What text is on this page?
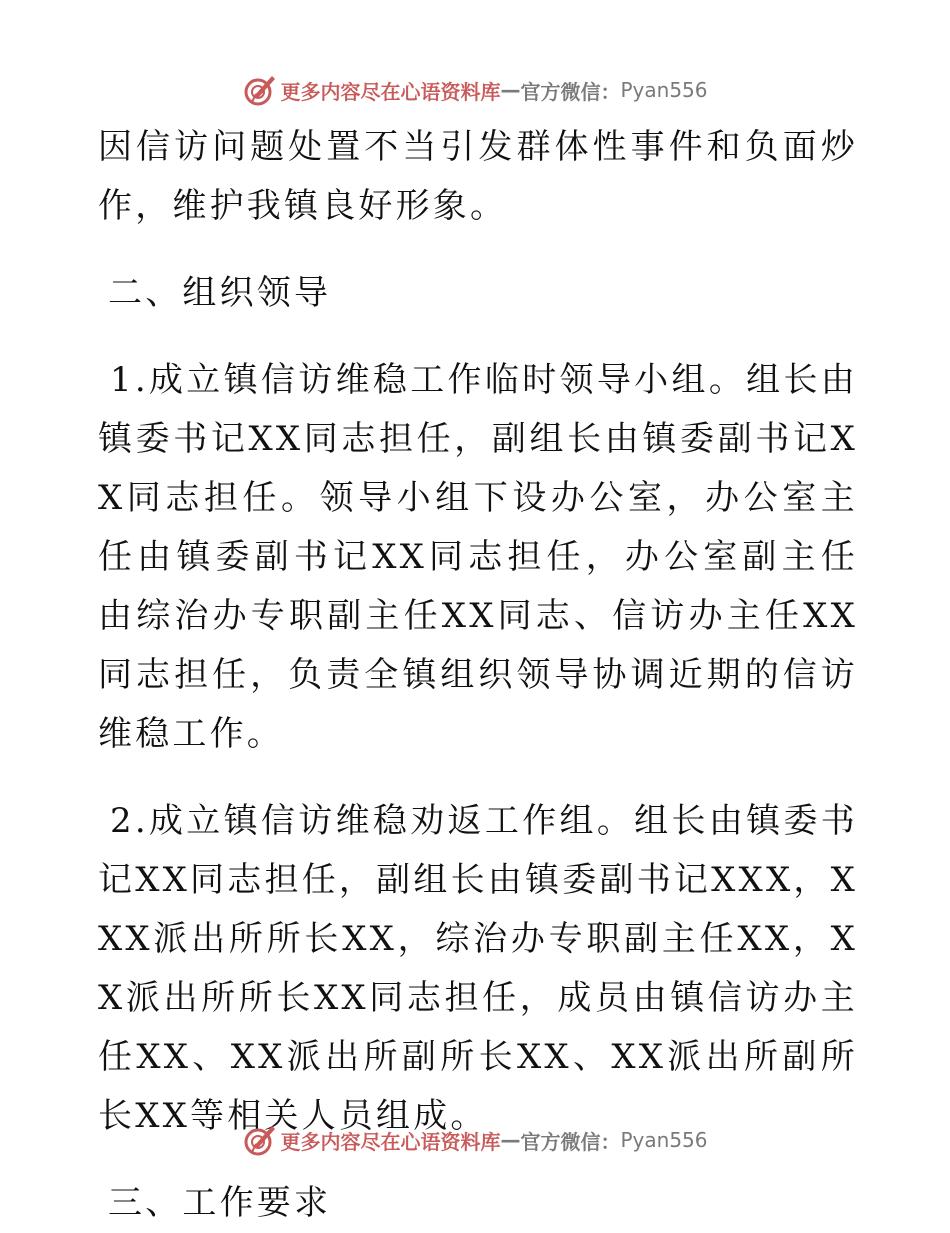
更多内容尽在心语资料库 — 官方微信： Pyan556

因信访问题处置不当引发群体性事件和负面炒作，维护我镇良好形象。

二、组织领导

1.成立镇信访维稳工作临时领导小组。组长由镇委书记XX同志担任，副组长由镇委副书记XX同志担任。领导小组下设办公室，办公室主任由镇委副书记XX同志担任，办公室副主任由综治办专职副主任XX同志、信访办主任XX同志担任，负责全镇组织领导协调近期的信访维稳工作。

2.成立镇信访维稳劝返工作组。组长由镇委书记XX同志担任，副组长由镇委副书记XXX，XXX派出所所长XX，综治办专职副主任XX，XX派出所所长XX同志担任，成员由镇信访办主任XX、XX派出所副所长XX、XX派出所副所长XX等相关人员组成。

三、工作要求

更多内容尽在心语资料库 — 官方微信： Pyan556
